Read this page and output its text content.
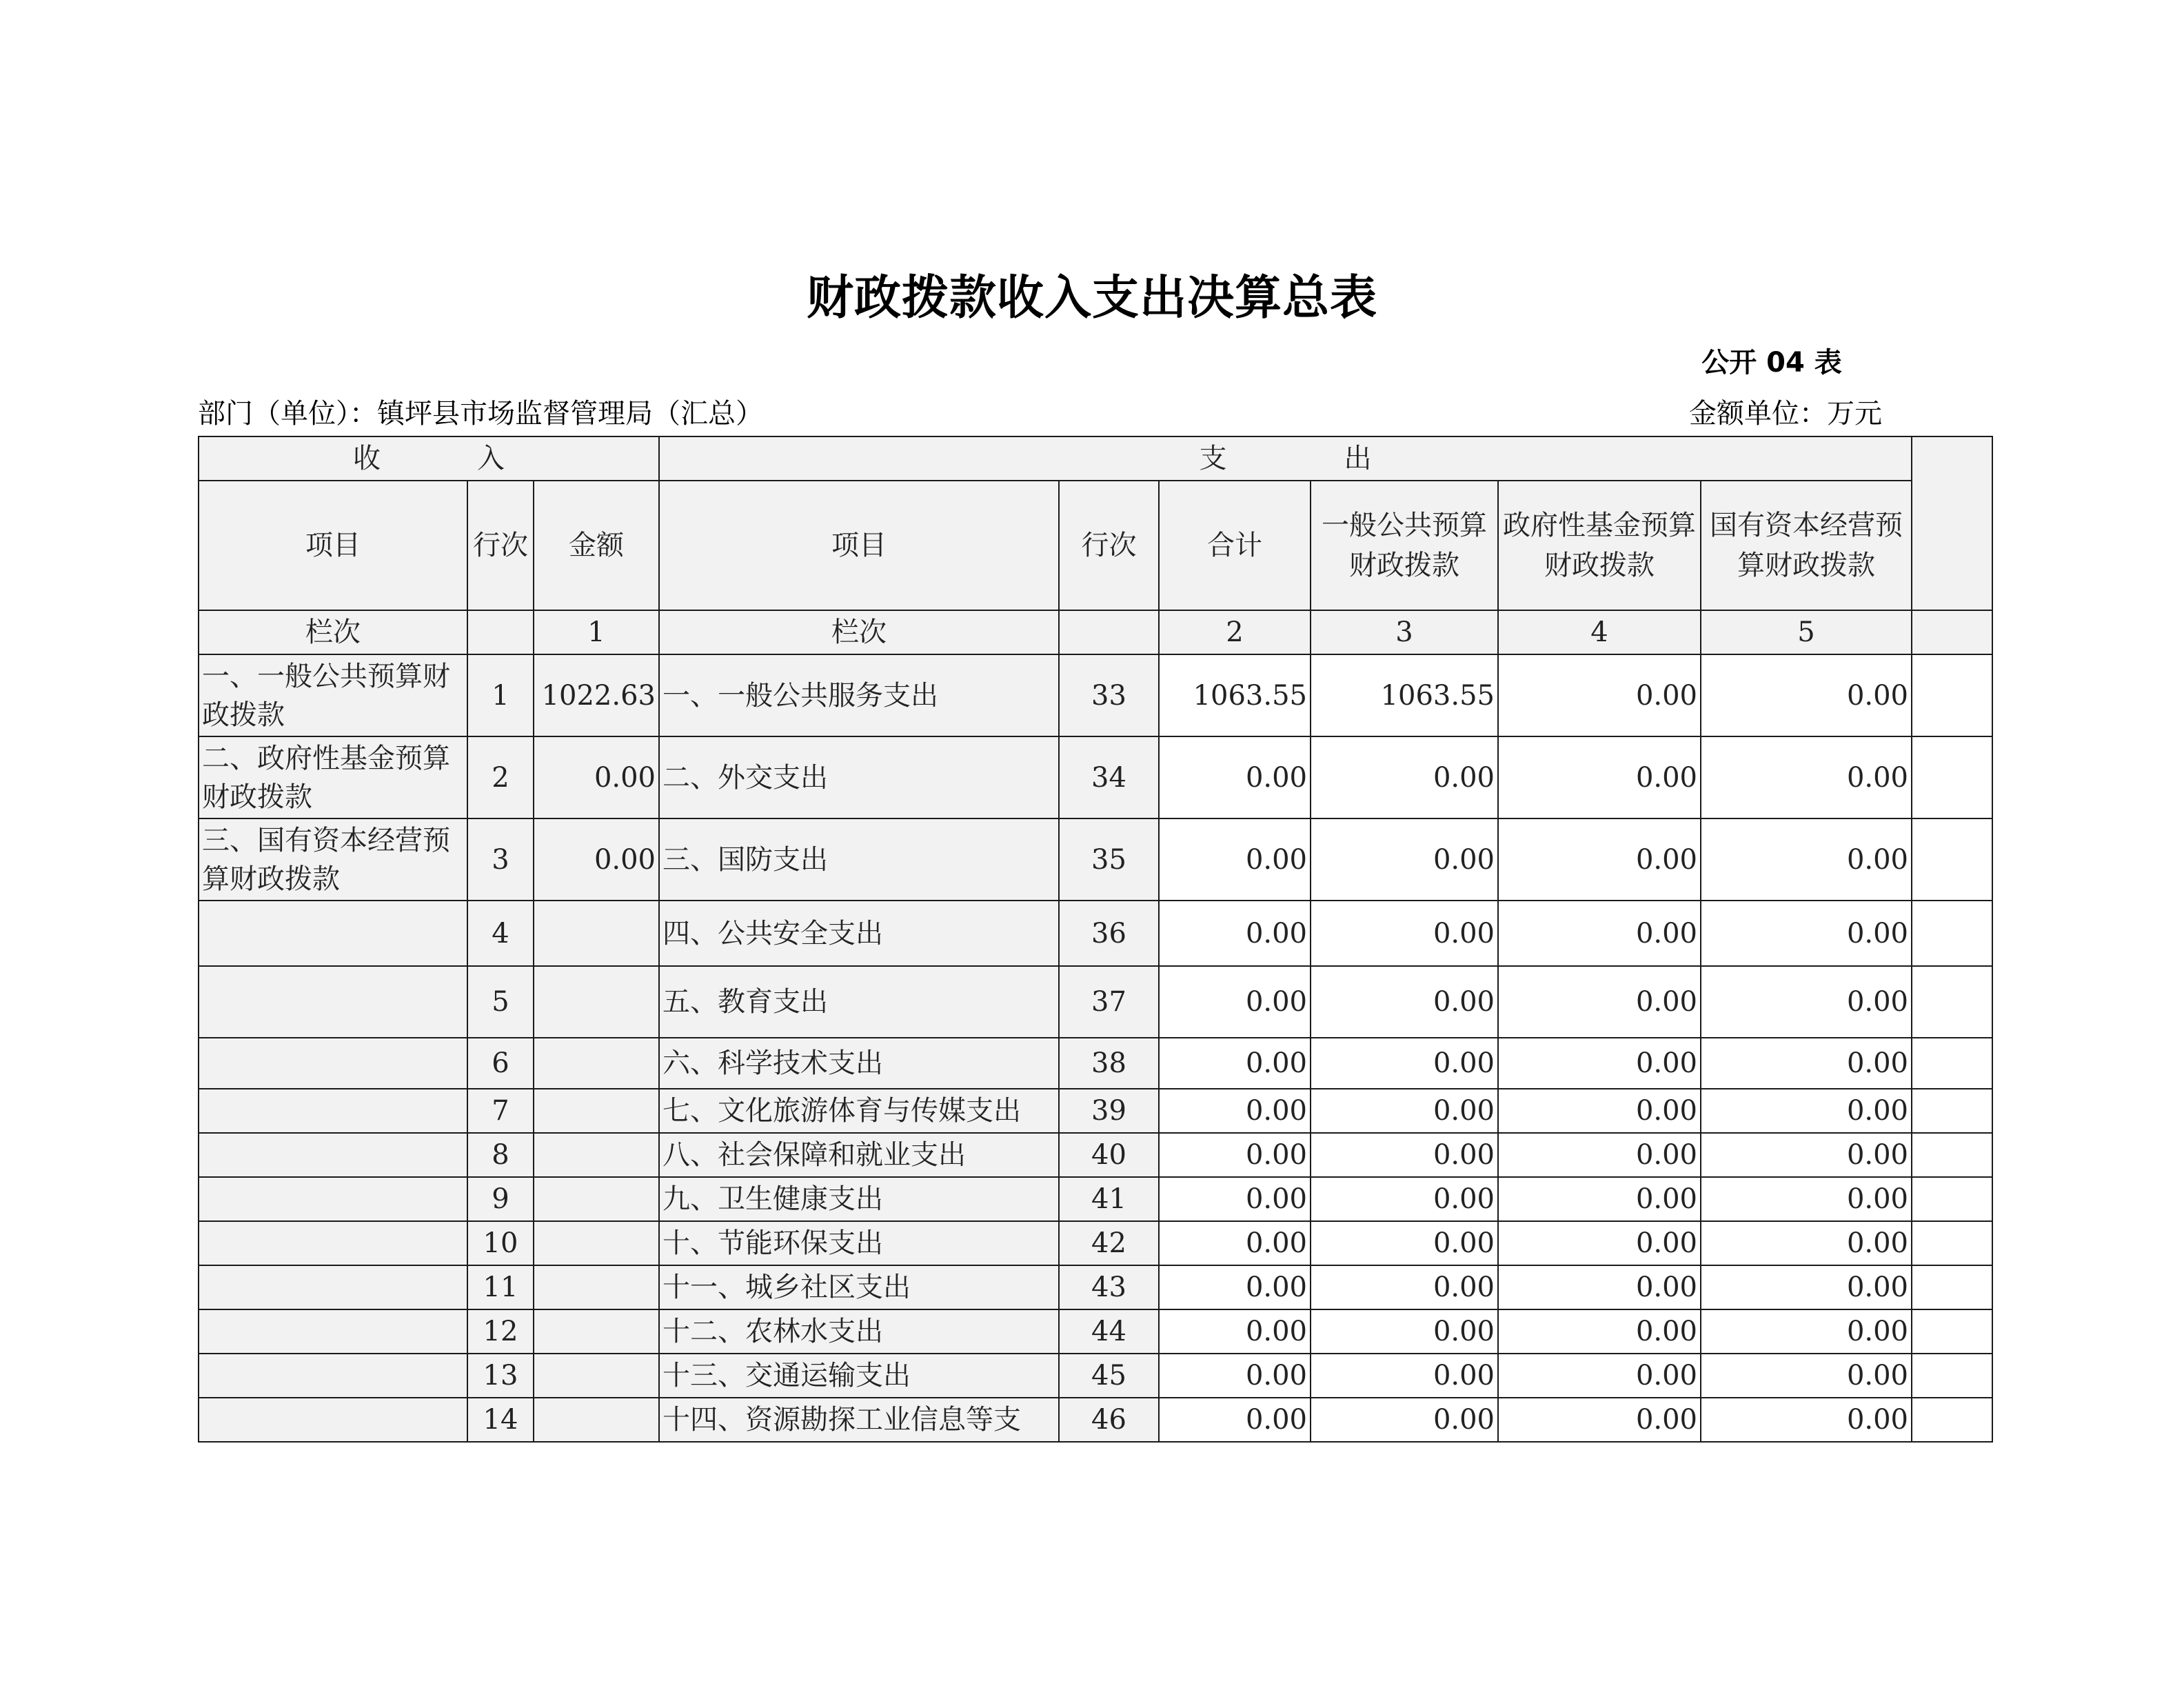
财政拨款收入支出决算总表
公开 04 表
部门（单位）：镇坪县市场监督管理局（汇总）	金额单位：万元
收 入			支 出						
项目	行次	金额	项目	行次	合计	一般公共预算财政拨款	政府性基金预算财政拨款	国有资本经营预算财政拨款	
栏次		1	栏次		2	3	4	5	
一、一般公共预算财政拨款	1	1022.63	一、一般公共服务支出	33	1063.55	1063.55	0.00	0.00	
二、政府性基金预算财政拨款	2	0.00	二、外交支出	34	0.00	0.00	0.00	0.00	
三、国有资本经营预算财政拨款	3	0.00	三、国防支出	35	0.00	0.00	0.00	0.00	
	4		四、公共安全支出	36	0.00	0.00	0.00	0.00	
	5		五、教育支出	37	0.00	0.00	0.00	0.00	
	6		六、科学技术支出	38	0.00	0.00	0.00	0.00	
	7		七、文化旅游体育与传媒支出	39	0.00	0.00	0.00	0.00	
	8		八、社会保障和就业支出	40	0.00	0.00	0.00	0.00	
	9		九、卫生健康支出	41	0.00	0.00	0.00	0.00	
	10		十、节能环保支出	42	0.00	0.00	0.00	0.00	
	11		十一、城乡社区支出	43	0.00	0.00	0.00	0.00	
	12		十二、农林水支出	44	0.00	0.00	0.00	0.00	
	13		十三、交通运输支出	45	0.00	0.00	0.00	0.00	
	14		十四、资源勘探工业信息等支	46	0.00	0.00	0.00	0.00	
